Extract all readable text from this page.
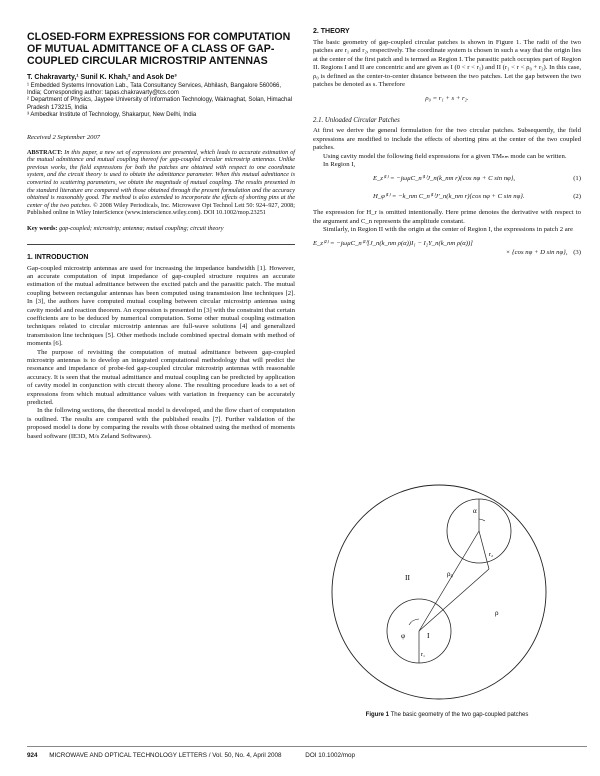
CLOSED-FORM EXPRESSIONS FOR COMPUTATION OF MUTUAL ADMITTANCE OF A CLASS OF GAP-COUPLED CIRCULAR MICROSTRIP ANTENNAS
T. Chakravarty,¹ Sunil K. Khah,² and Asok De³

¹ Embedded Systems Innovation Lab., Tata Consultancy Services, Abhilash, Bangalore 560066, India; Corresponding author: tapas.chakravarty@tcs.com

² Department of Physics, Jaypee University of Information Technology, Waknaghat, Solan, Himachal Pradesh 173215, India

³ Ambedkar Institute of Technology, Shakarpur, New Delhi, India

Received 2 September 2007

ABSTRACT: In this paper, a new set of expressions are presented, which leads to accurate estimation of the mutual admittance and mutual coupling thereof for gap-coupled circular microstrip antennas. Unlike previous works, the field expressions for both the patches are obtained with respect to one coordinate system, and the circuit theory is used to obtain the admittance parameter. When this mutual admittance is converted to scattering parameters, we obtain the magnitude of mutual coupling. The results presented in the standard literature are compared with those obtained through the present formulation and the accuracy obtained is reasonably good. The method is also extended to incorporate the effects of shorting pins at the center of the two patches. © 2008 Wiley Periodicals, Inc. Microwave Opt Technol Lett 50: 924–927, 2008; Published online in Wiley InterScience (www.interscience.wiley.com). DOI 10.1002/mop.23251

Key words: gap-coupled; microstrip; antenna; mutual coupling; circuit theory

1. INTRODUCTION

Gap-coupled microstrip antennas are used for increasing the impedance bandwidth [1]. However, an accurate computation of input impedance of gap-coupled structure requires an accurate estimation of the mutual admittance between the excited patch and the parasitic patch. The mutual coupling between rectangular antennas has been computed using transmission line techniques [2]. In [3], the authors have computed mutual coupling between circular microstrip antennas using cavity model and reaction theorem. An expression is presented in [3] with the constraint that certain coefficients are to be deduced by numerical computation. Some other mutual coupling estimation techniques related to circular microstrip antennas are full-wave solutions [4] and generalized transmission line techniques [5]. Other methods include combined spectral domain with method of moments [6].

The purpose of revisiting the computation of mutual admittance between gap-coupled microstrip antennas is to develop an integrated computational methodology that will predict the resonance and impedance of probe-fed gap-coupled circular microstrip antennas with reasonable accuracy. It is seen that the mutual admittance and mutual coupling can be predicted by application of cavity model in conjunction with circuit theory alone. The resulting procedure leads to a set of expressions from which mutual admittance values with variation in frequency can be accurately predicted.

In the following sections, the theoretical model is developed, and the flow chart of computation is outlined. The results are compared with the published results [7]. Further validation of the proposed model is done by comparing the results with those obtained using the method of moments based software (IE3D, M/s Zeland Softwares).

2. THEORY

The basic geometry of gap-coupled circular patches is shown in Figure 1. The radii of the two patches are r₁ and r₂, respectively. The coordinate system is chosen in such a way that the origin lies at the center of the first patch and is termed as Region I. The parasitic patch occupies part of Region II. Regions I and II are concentric and are given as I (0 < r < r₁) and II (r₁ < r < ρ₀ + r₂). In this case, ρ₀ is defined as the center-to-center distance between the two patches. Let the gap between the two patches be denoted as s. Therefore

ρ₀ = r₁ + s + r₂.
2.1. Unloaded Circular Patches

At first we derive the general formulation for the two circular patches. Subsequently, the field expressions are modified to include the effects of shorting pins at the center of the two coupled patches.

Using cavity model the following field expressions for a given TMₙₘ mode can be written.

In Region I,

E_z⁽¹⁾ = −jωμC_n⁽¹⁾J_n(k_nm r){cos nφ + C sin nφ},	(1)
H_φ⁽¹⁾ = −k_nm C_n⁽¹⁾J′_n(k_nm r){cos nφ + C sin nφ}.	(2)

The expression for H_r is omitted intentionally. Here prime denotes the derivative with respect to the argument and C_n represents the amplitude constant.

Similarly, in Region II with the origin at the center of Region I, the expressions in patch 2 are

E_z⁽²⁾ = −jωμC_n⁽²⁾[J_n(k_nm ρ(α))I₁ − I₂Y_n(k_nm ρ(α))]
× {cos nφ + D sin nφ}, (3)
II
I
ρ₀
ρ
α
φ
r₁
r₂
Figure 1 The basic geometry of the two gap-coupled patches
924 MICROWAVE AND OPTICAL TECHNOLOGY LETTERS / Vol. 50, No. 4, April 2008	DOI 10.1002/mop
